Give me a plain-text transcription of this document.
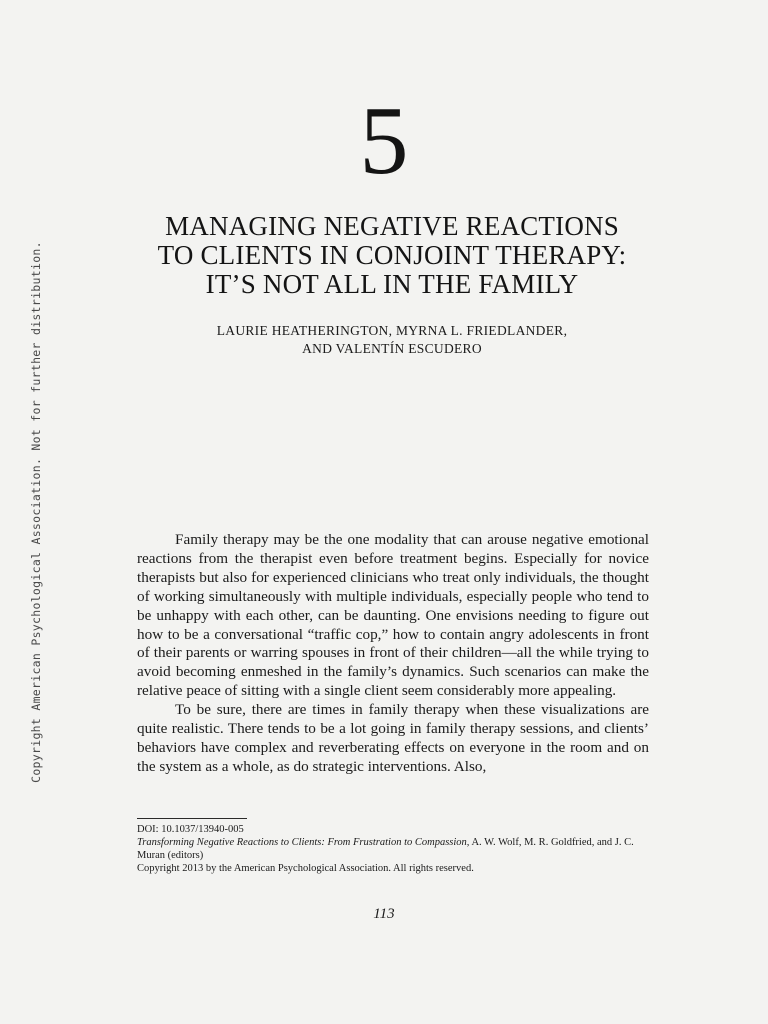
Copyright American Psychological Association. Not for further distribution.
5
MANAGING NEGATIVE REACTIONS
TO CLIENTS IN CONJOINT THERAPY:
IT’S NOT ALL IN THE FAMILY
LAURIE HEATHERINGTON, MYRNA L. FRIEDLANDER,
AND VALENTÍN ESCUDERO

Family therapy may be the one modality that can arouse negative emotional reactions from the therapist even before treatment begins. Especially for novice therapists but also for experienced clinicians who treat only individuals, the thought of working simultaneously with multiple individuals, especially people who tend to be unhappy with each other, can be daunting. One envisions needing to figure out how to be a conversational “traffic cop,” how to contain angry adolescents in front of their parents or warring spouses in front of their children—all the while trying to avoid becoming enmeshed in the family’s dynamics. Such scenarios can make the relative peace of sitting with a single client seem considerably more appealing.

To be sure, there are times in family therapy when these visualizations are quite realistic. There tends to be a lot going in family therapy sessions, and clients’ behaviors have complex and reverberating effects on everyone in the room and on the system as a whole, as do strategic interventions. Also,

DOI: 10.1037/13940-005
Transforming Negative Reactions to Clients: From Frustration to Compassion, A. W. Wolf, M. R. Goldfried, and J. C. Muran (editors)
Copyright 2013 by the American Psychological Association. All rights reserved.
113
